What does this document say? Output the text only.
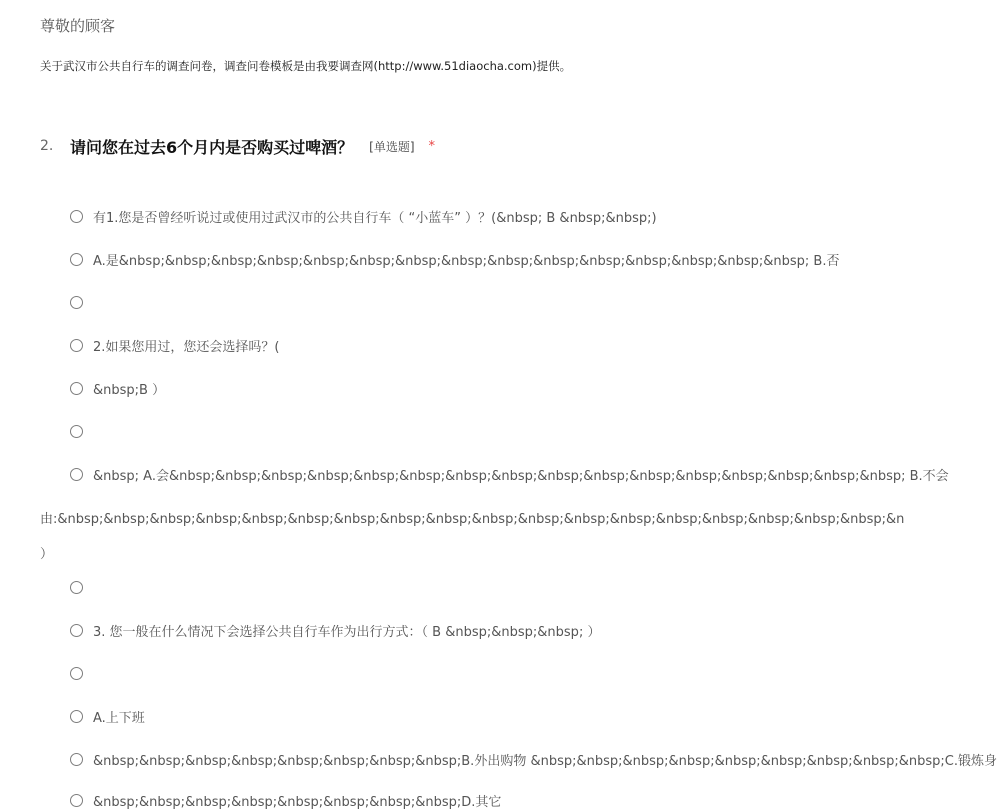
尊敬的顾客
关于武汉市公共自行车的调查问卷，调查问卷模板是由我要调查网(http://www.51diaocha.com)提供。
2.	请问您在过去6个月内是否购买过啤酒？ [单选题] *
有1.您是否曾经听说过或使用过武汉市的公共自行车（ “小蓝车” ）？(&nbsp; B &nbsp;&nbsp;)
A.是&nbsp;&nbsp;&nbsp;&nbsp;&nbsp;&nbsp;&nbsp;&nbsp;&nbsp;&nbsp;&nbsp;&nbsp;&nbsp;&nbsp;&nbsp; B.否
2.如果您用过，您还会选择吗？(
&nbsp;B ）
&nbsp; A.会&nbsp;&nbsp;&nbsp;&nbsp;&nbsp;&nbsp;&nbsp;&nbsp;&nbsp;&nbsp;&nbsp;&nbsp;&nbsp;&nbsp;&nbsp;&nbsp; B.不会
由:&nbsp;&nbsp;&nbsp;&nbsp;&nbsp;&nbsp;&nbsp;&nbsp;&nbsp;&nbsp;&nbsp;&nbsp;&nbsp;&nbsp;&nbsp;&nbsp;&nbsp;&nbsp;&n
）
3. 您一般在什么情况下会选择公共自行车作为出行方式：（ B &nbsp;&nbsp;&nbsp; ）
A.上下班
&nbsp;&nbsp;&nbsp;&nbsp;&nbsp;&nbsp;&nbsp;&nbsp;B.外出购物 &nbsp;&nbsp;&nbsp;&nbsp;&nbsp;&nbsp;&nbsp;&nbsp;&nbsp;C.锻炼身
&nbsp;&nbsp;&nbsp;&nbsp;&nbsp;&nbsp;&nbsp;&nbsp;D.其它
